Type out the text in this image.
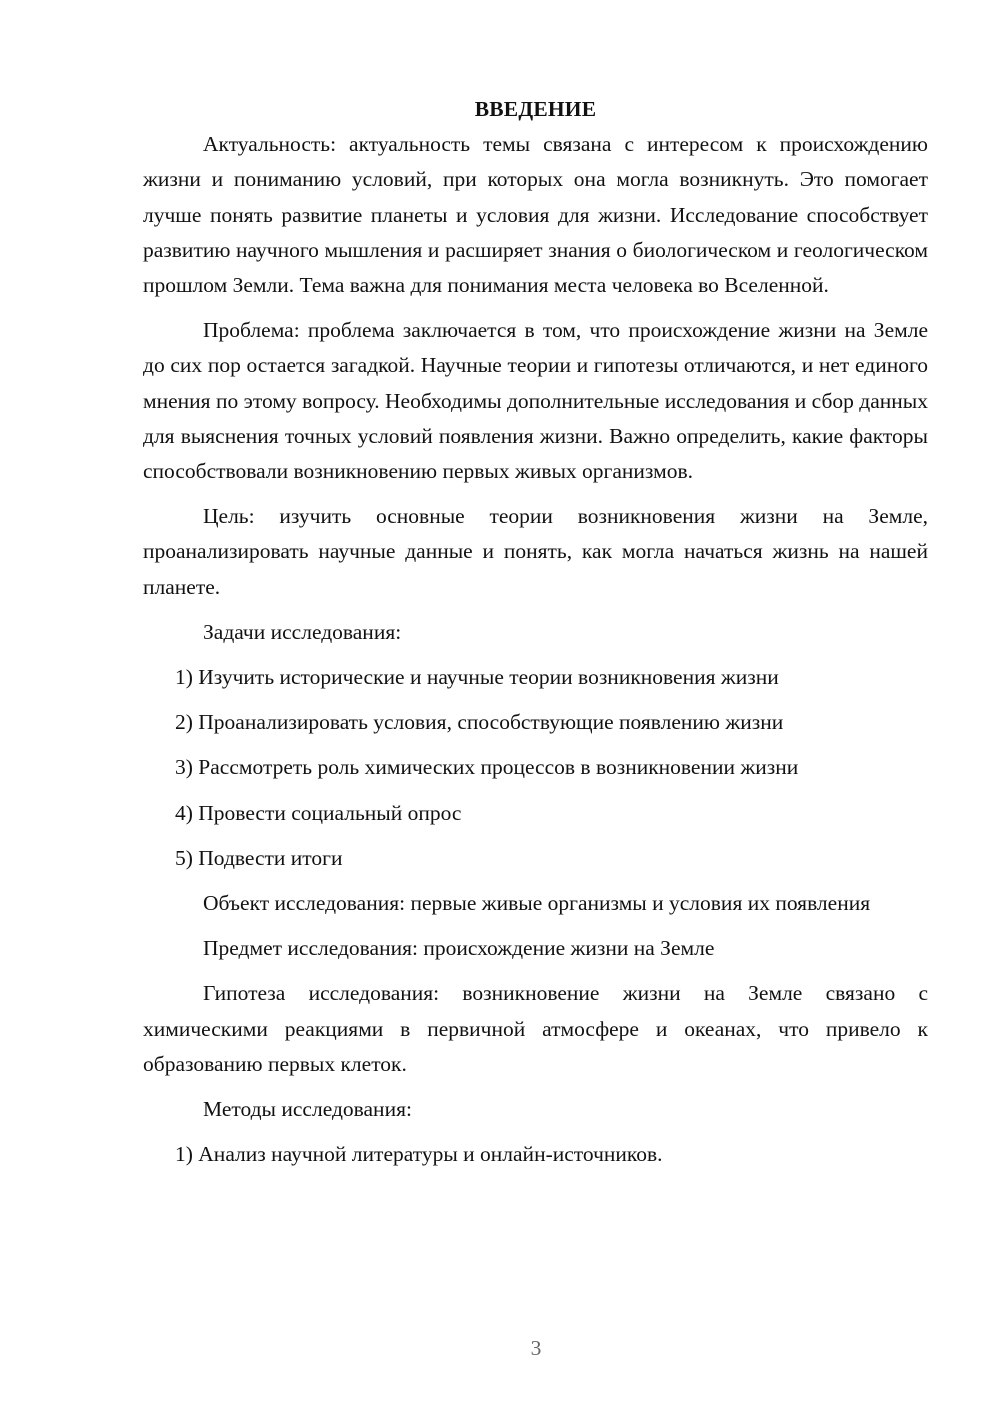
ВВЕДЕНИЕ

Актуальность: актуальность темы связана с интересом к происхождению жизни и пониманию условий, при которых она могла возникнуть. Это помогает лучше понять развитие планеты и условия для жизни. Исследование способствует развитию научного мышления и расширяет знания о биологическом и геологическом прошлом Земли. Тема важна для понимания места человека во Вселенной.

Проблема: проблема заключается в том, что происхождение жизни на Земле до сих пор остается загадкой. Научные теории и гипотезы отличаются, и нет единого мнения по этому вопросу. Необходимы дополнительные исследования и сбор данных для выяснения точных условий появления жизни. Важно определить, какие факторы способствовали возникновению первых живых организмов.

Цель: изучить основные теории возникновения жизни на Земле, проанализировать научные данные и понять, как могла начаться жизнь на нашей планете.

Задачи исследования:

1) Изучить исторические и научные теории возникновения жизни
2) Проанализировать условия, способствующие появлению жизни
3) Рассмотреть роль химических процессов в возникновении жизни
4) Провести социальный опрос
5) Подвести итоги

Объект исследования: первые живые организмы и условия их появления

Предмет исследования: происхождение жизни на Земле

Гипотеза исследования: возникновение жизни на Земле связано с химическими реакциями в первичной атмосфере и океанах, что привело к образованию первых клеток.

Методы исследования:

1) Анализ научной литературы и онлайн-источников.
3
